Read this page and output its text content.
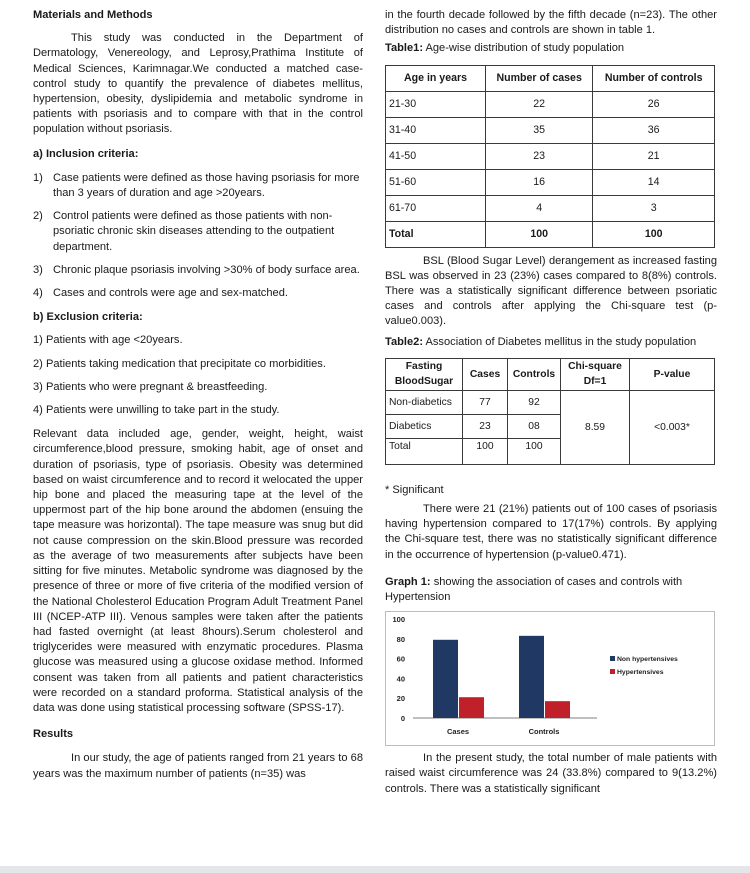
Materials and Methods

This study was conducted in the Department of Dermatology, Venereology, and Leprosy,Prathima Institute of Medical Sciences, Karimnagar.We conducted a matched case-control study to quantify the prevalence of diabetes mellitus, hypertension, obesity, dyslipidemia and metabolic syndrome in patients with psoriasis and to compare with that in the control population without psoriasis.

a) Inclusion criteria:

1) Case patients were defined as those having psoriasis for more than 3 years of duration and age >20years.
2) Control patients were defined as those patients with non-psoriatic chronic skin diseases attending to the outpatient department.
3) Chronic plaque psoriasis involving >30% of body surface area.
4) Cases and controls were age and sex-matched.

b) Exclusion criteria:

1) Patients with age <20years.
2) Patients taking medication that precipitate co morbidities.
3) Patients who were pregnant & breastfeeding.
4) Patients were unwilling to take part in the study.

Relevant data included age, gender, weight, height, waist circumference,blood pressure, smoking habit, age of onset and duration of psoriasis, type of psoriasis. Obesity was determined based on waist circumference and to record it welocated the upper hip bone and placed the measuring tape at the level of the uppermost part of the hip bone around the abdomen (ensuing the tape measure was horizontal). The tape measure was snug but did not cause compression on the skin.Blood pressure was recorded as the average of two measurements after subjects have been sitting for five minutes. Metabolic syndrome was diagnosed by the presence of three or more of five criteria of the modified version of the National Cholesterol Education Program Adult Treatment Panel III (NCEP-ATP III). Venous samples were taken after the patients had fasted overnight (at least 8hours).Serum cholesterol and triglycerides were measured with enzymatic procedures. Plasma glucose was measured using a glucose oxidase method. Informed consent was taken from all patients and patient characteristics were recorded on a standard proforma. Statistical analysis of the data was done using statistical processing software (SPSS-17).

Results

In our study, the age of patients ranged from 21 years to 68 years was the maximum number of patients (n=35) was

in the fourth decade followed by the fifth decade (n=23). The other distribution no cases and controls are shown in table 1.

Table1: Age-wise distribution of study population

Age in years	Number of cases	Number of controls
21-30	22	26
31-40	35	36
41-50	23	21
51-60	16	14
61-70	4	3
Total	100	100

BSL (Blood Sugar Level) derangement as increased fasting BSL was observed in 23 (23%) cases compared to 8(8%) controls. There was a statistically significant difference between psoriatic cases and controls after applying the Chi-square test (p-value0.003).

Table2: Association of Diabetes mellitus in the study population

Fasting BloodSugar	Cases	Controls	Chi-square Df=1	P-value
Non-diabetics	77	92	8.59	<0.003*
Diabetics	23	08		
Total	100	100		

* Significant

There were 21 (21%) patients out of 100 cases of psoriasis having hypertension compared to 17(17%) controls. By applying the Chi-square test, there was no statistically significant difference in the occurrence of hypertension (p-value0.471).

Graph 1: showing the association of cases and controls with Hypertension

0
20
40
60
80
100
Cases	Controls
Non hypertensives
Hypertensives

In the present study, the total number of male patients with raised waist circumference was 24 (33.8%) compared to 9(13.2%) controls. There was a statistically significant
